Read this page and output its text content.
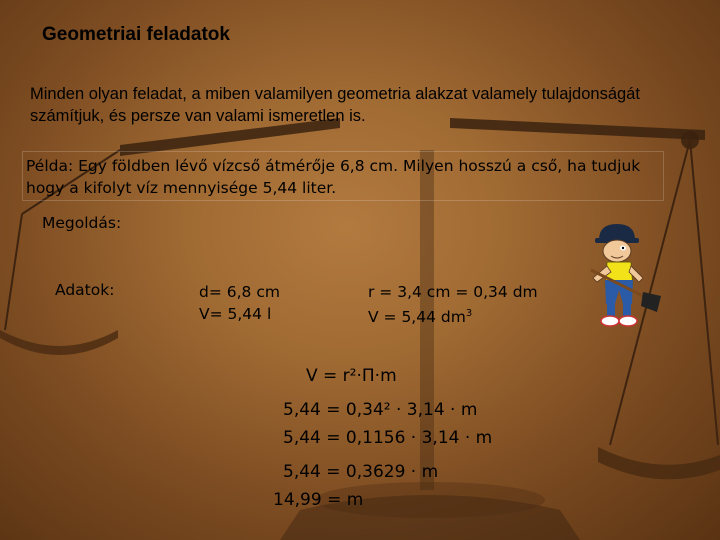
Geometriai feladatok
Minden olyan feladat, a miben valamilyen geometria alakzat valamely tulajdonságát
számítjuk, és persze van valami ismeretlen is.
Példa: Egy földben lévő vízcső átmérője 6,8 cm. Milyen hosszú a cső, ha tudjuk
hogy a kifolyt víz mennyisége 5,44 liter.
Megoldás:
Adatok:	d= 6,8 cm
V= 5,44 l
r = 3,4 cm = 0,34 dm
V = 5,44 $dm^3$
V = r²·Π·m
5,44 = 0,34² · 3,14 · m
5,44 = 0,1156 · 3,14 · m
5,44 = 0,3629 · m
14,99 = m
